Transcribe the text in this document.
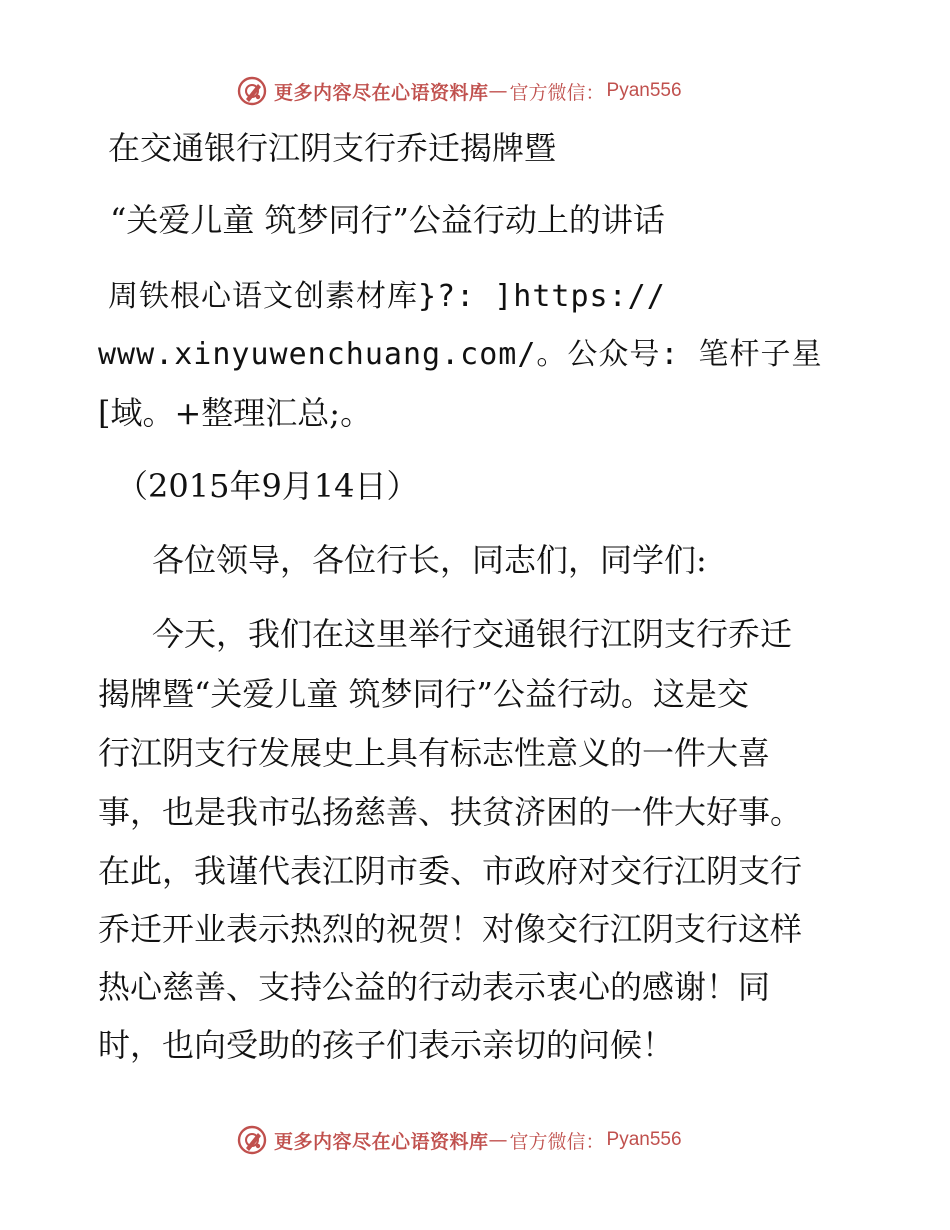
更多内容尽在心语资料库 — 官方微信： Pyan556
在交通银行江阴支行乔迁揭牌暨
“关爱儿童 筑梦同行”公益行动上的讲话
周铁根心语文创素材库}?: ]https://
www.xinyuwenchuang.com/。公众号: 笔杆子星
[域。+整理汇总;。
（2015年9月14日）
各位领导，各位行长，同志们，同学们:
今天，我们在这里举行交通银行江阴支行乔迁
揭牌暨“关爱儿童 筑梦同行”公益行动。这是交
行江阴支行发展史上具有标志性意义的一件大喜
事，也是我市弘扬慈善、扶贫济困的一件大好事。
在此，我谨代表江阴市委、市政府对交行江阴支行
乔迁开业表示热烈的祝贺！对像交行江阴支行这样
热心慈善、支持公益的行动表示衷心的感谢！同
时，也向受助的孩子们表示亲切的问候！
更多内容尽在心语资料库 — 官方微信： Pyan556
